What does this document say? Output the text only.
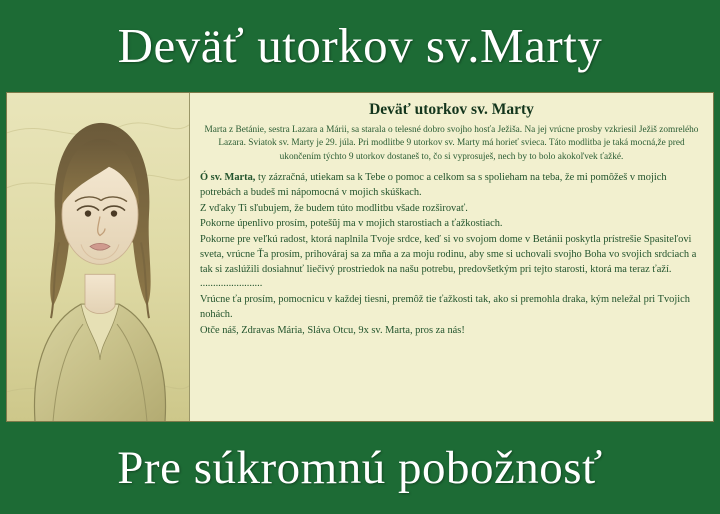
Deväť utorkov sv.Marty
Deväť utorkov sv. Marty
Marta z Betánie, sestra Lazara a Márii, sa starala o telesné dobro svojho hosťa Ježiša. Na jej vrúcne prosby vzkriesil Ježiš zomrelého Lazara. Sviatok sv. Marty je 29. júla. Pri modlitbe 9 utorkov sv. Marty má horieť svieca. Táto modlitba je taká mocná,že pred ukončením týchto 9 utorkov dostaneš to, čo si vyprosuješ, nech by to bolo akokoľvek ťažké.

Ó sv. Marta, ty zázračná, utiekam sa k Tebe o pomoc a celkom sa s spolieham na teba, že mi pomôžeš v mojich potrebách a budeš mi nápomocná v mojich skúškach.

Z vďaky Ti sľubujem, že budem túto modlitbu všade rozširovať.

Pokorne úpenlivo prosím, potešŭj ma v mojich starostiach a ťažkostiach.

Pokorne pre veľkú radost, ktorá naplnila Tvoje srdce, keď si vo svojom dome v Betánii poskytla prístrešie Spasiteľovi sveta, vrúcne Ťa prosím, prihováraj sa za mňa a za moju rodinu, aby sme si uchovali svojho Boha vo svojich srdciach a tak si zaslúžili dosiahnuť liečivý prostriedok na našu potrebu, predovšetkým pri tejto starosti, ktorá ma teraz ťaží. ........................

Vrúcne ťa prosím, pomocnicu v každej tiesni, premôž tie ťažkosti tak, ako si premohla draka, kým neležal pri Tvojich nohách.

Otče náš, Zdravas Mária, Sláva Otcu, 9x sv. Marta, pros za nás!

Pre súkromnú pobožnosť
